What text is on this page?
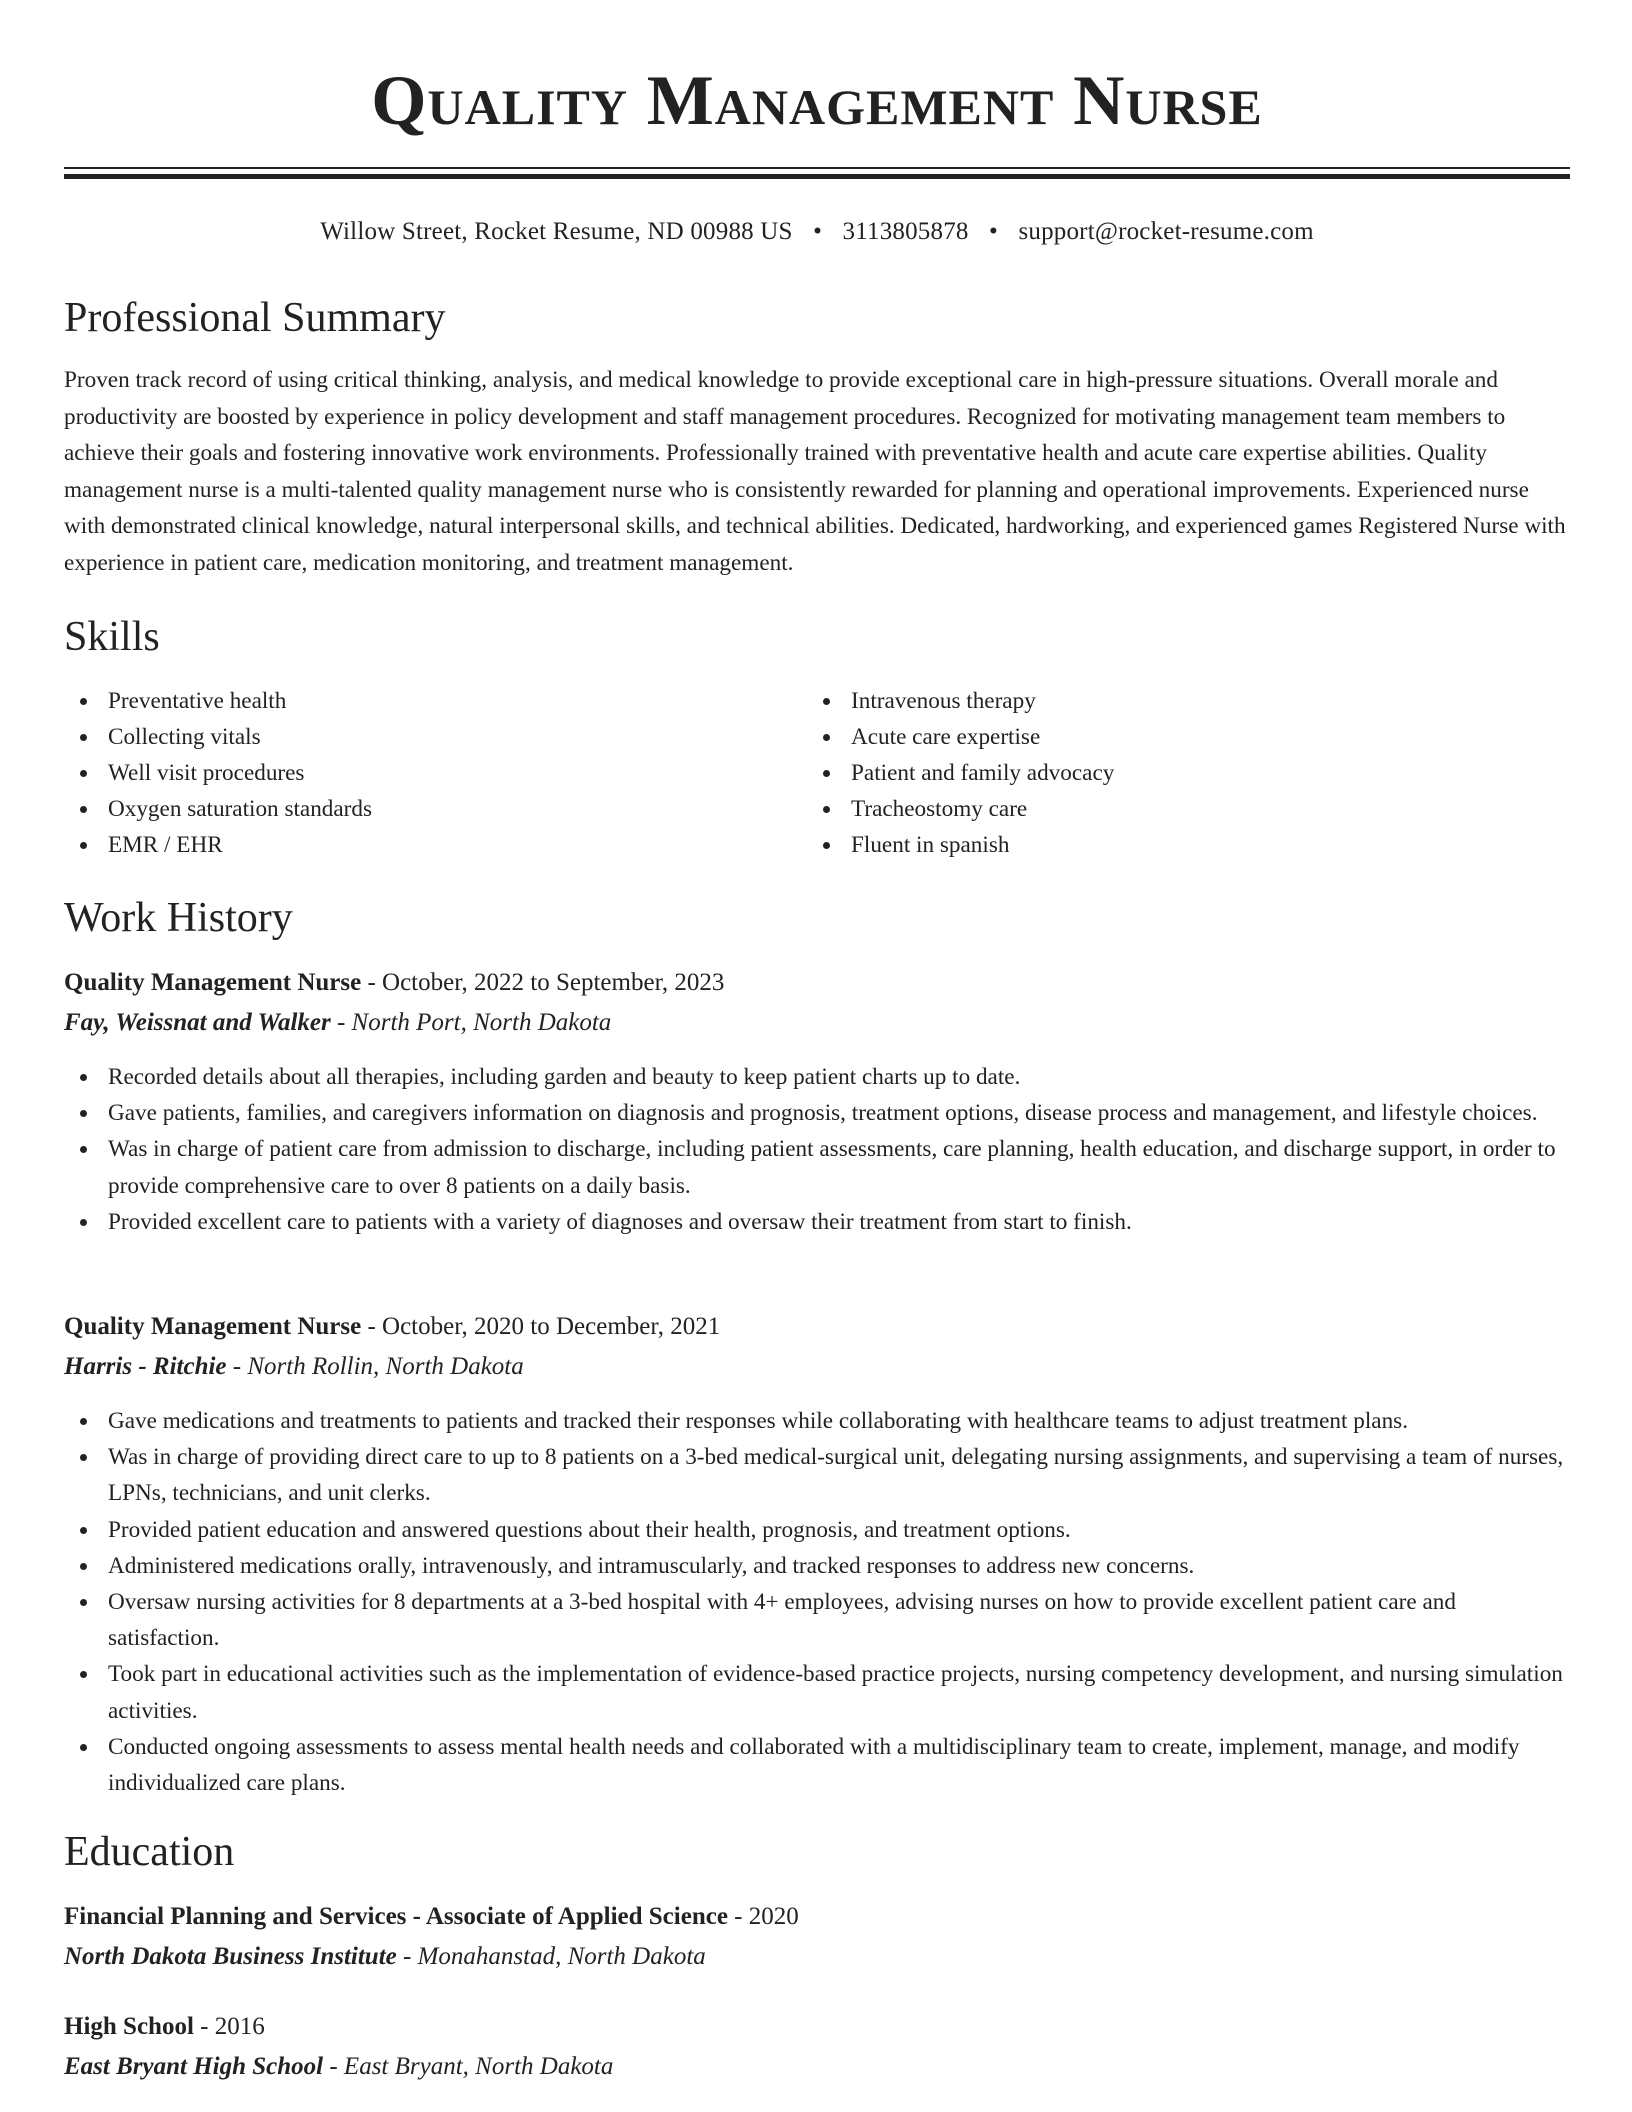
Quality Management Nurse
Willow Street, Rocket Resume, ND 00988 US • 3113805878 • support@rocket-resume.com
Professional Summary
Proven track record of using critical thinking, analysis, and medical knowledge to provide exceptional care in high-pressure situations. Overall morale and productivity are boosted by experience in policy development and staff management procedures. Recognized for motivating management team members to achieve their goals and fostering innovative work environments. Professionally trained with preventative health and acute care expertise abilities. Quality management nurse is a multi-talented quality management nurse who is consistently rewarded for planning and operational improvements. Experienced nurse with demonstrated clinical knowledge, natural interpersonal skills, and technical abilities. Dedicated, hardworking, and experienced games Registered Nurse with experience in patient care, medication monitoring, and treatment management.
Skills
Preventative health
Collecting vitals
Well visit procedures
Oxygen saturation standards
EMR / EHR
Intravenous therapy
Acute care expertise
Patient and family advocacy
Tracheostomy care
Fluent in spanish
Work History
Quality Management Nurse - October, 2022 to September, 2023
Fay, Weissnat and Walker - North Port, North Dakota
Recorded details about all therapies, including garden and beauty to keep patient charts up to date.
Gave patients, families, and caregivers information on diagnosis and prognosis, treatment options, disease process and management, and lifestyle choices.
Was in charge of patient care from admission to discharge, including patient assessments, care planning, health education, and discharge support, in order to provide comprehensive care to over 8 patients on a daily basis.
Provided excellent care to patients with a variety of diagnoses and oversaw their treatment from start to finish.
Quality Management Nurse - October, 2020 to December, 2021
Harris - Ritchie - North Rollin, North Dakota
Gave medications and treatments to patients and tracked their responses while collaborating with healthcare teams to adjust treatment plans.
Was in charge of providing direct care to up to 8 patients on a 3-bed medical-surgical unit, delegating nursing assignments, and supervising a team of nurses, LPNs, technicians, and unit clerks.
Provided patient education and answered questions about their health, prognosis, and treatment options.
Administered medications orally, intravenously, and intramuscularly, and tracked responses to address new concerns.
Oversaw nursing activities for 8 departments at a 3-bed hospital with 4+ employees, advising nurses on how to provide excellent patient care and satisfaction.
Took part in educational activities such as the implementation of evidence-based practice projects, nursing competency development, and nursing simulation activities.
Conducted ongoing assessments to assess mental health needs and collaborated with a multidisciplinary team to create, implement, manage, and modify individualized care plans.
Education
Financial Planning and Services - Associate of Applied Science - 2020
North Dakota Business Institute - Monahanstad, North Dakota
High School - 2016
East Bryant High School - East Bryant, North Dakota
